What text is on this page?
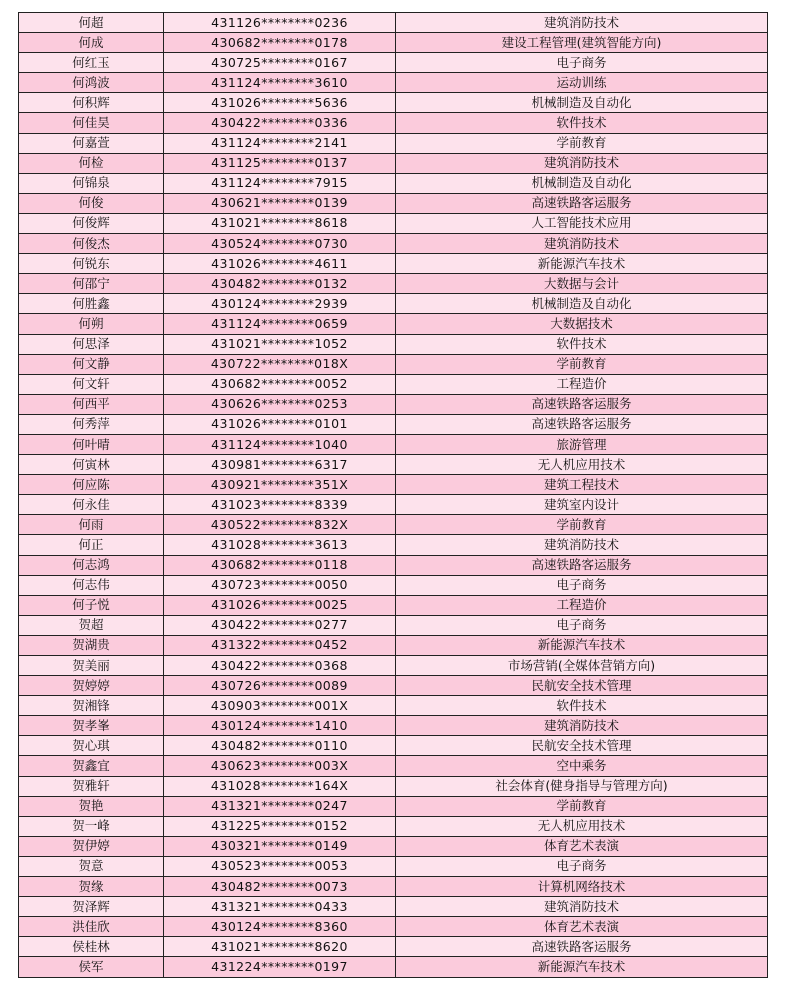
何超	431126********0236	建筑消防技术
何成	430682********0178	建设工程管理(建筑智能方向)
何红玉	430725********0167	电子商务
何鸿波	431124********3610	运动训练
何积辉	431026********5636	机械制造及自动化
何佳昊	430422********0336	软件技术
何嘉萱	431124********2141	学前教育
何检	431125********0137	建筑消防技术
何锦泉	431124********7915	机械制造及自动化
何俊	430621********0139	高速铁路客运服务
何俊辉	431021********8618	人工智能技术应用
何俊杰	430524********0730	建筑消防技术
何锐东	431026********4611	新能源汽车技术
何邵宁	430482********0132	大数据与会计
何胜鑫	430124********2939	机械制造及自动化
何朔	431124********0659	大数据技术
何思泽	431021********1052	软件技术
何文静	430722********018X	学前教育
何文轩	430682********0052	工程造价
何西平	430626********0253	高速铁路客运服务
何秀萍	431026********0101	高速铁路客运服务
何叶晴	431124********1040	旅游管理
何寅林	430981********6317	无人机应用技术
何应陈	430921********351X	建筑工程技术
何永佳	431023********8339	建筑室内设计
何雨	430522********832X	学前教育
何正	431028********3613	建筑消防技术
何志鸿	430682********0118	高速铁路客运服务
何志伟	430723********0050	电子商务
何子悦	431026********0025	工程造价
贺超	430422********0277	电子商务
贺湖贵	431322********0452	新能源汽车技术
贺美丽	430422********0368	市场营销(全媒体营销方向)
贺婷婷	430726********0089	民航安全技术管理
贺湘锋	430903********001X	软件技术
贺孝峯	430124********1410	建筑消防技术
贺心琪	430482********0110	民航安全技术管理
贺鑫宜	430623********003X	空中乘务
贺雅轩	431028********164X	社会体育(健身指导与管理方向)
贺艳	431321********0247	学前教育
贺一峰	431225********0152	无人机应用技术
贺伊婷	430321********0149	体育艺术表演
贺意	430523********0053	电子商务
贺缘	430482********0073	计算机网络技术
贺泽辉	431321********0433	建筑消防技术
洪佳欣	430124********8360	体育艺术表演
侯桂林	431021********8620	高速铁路客运服务
侯军	431224********0197	新能源汽车技术
